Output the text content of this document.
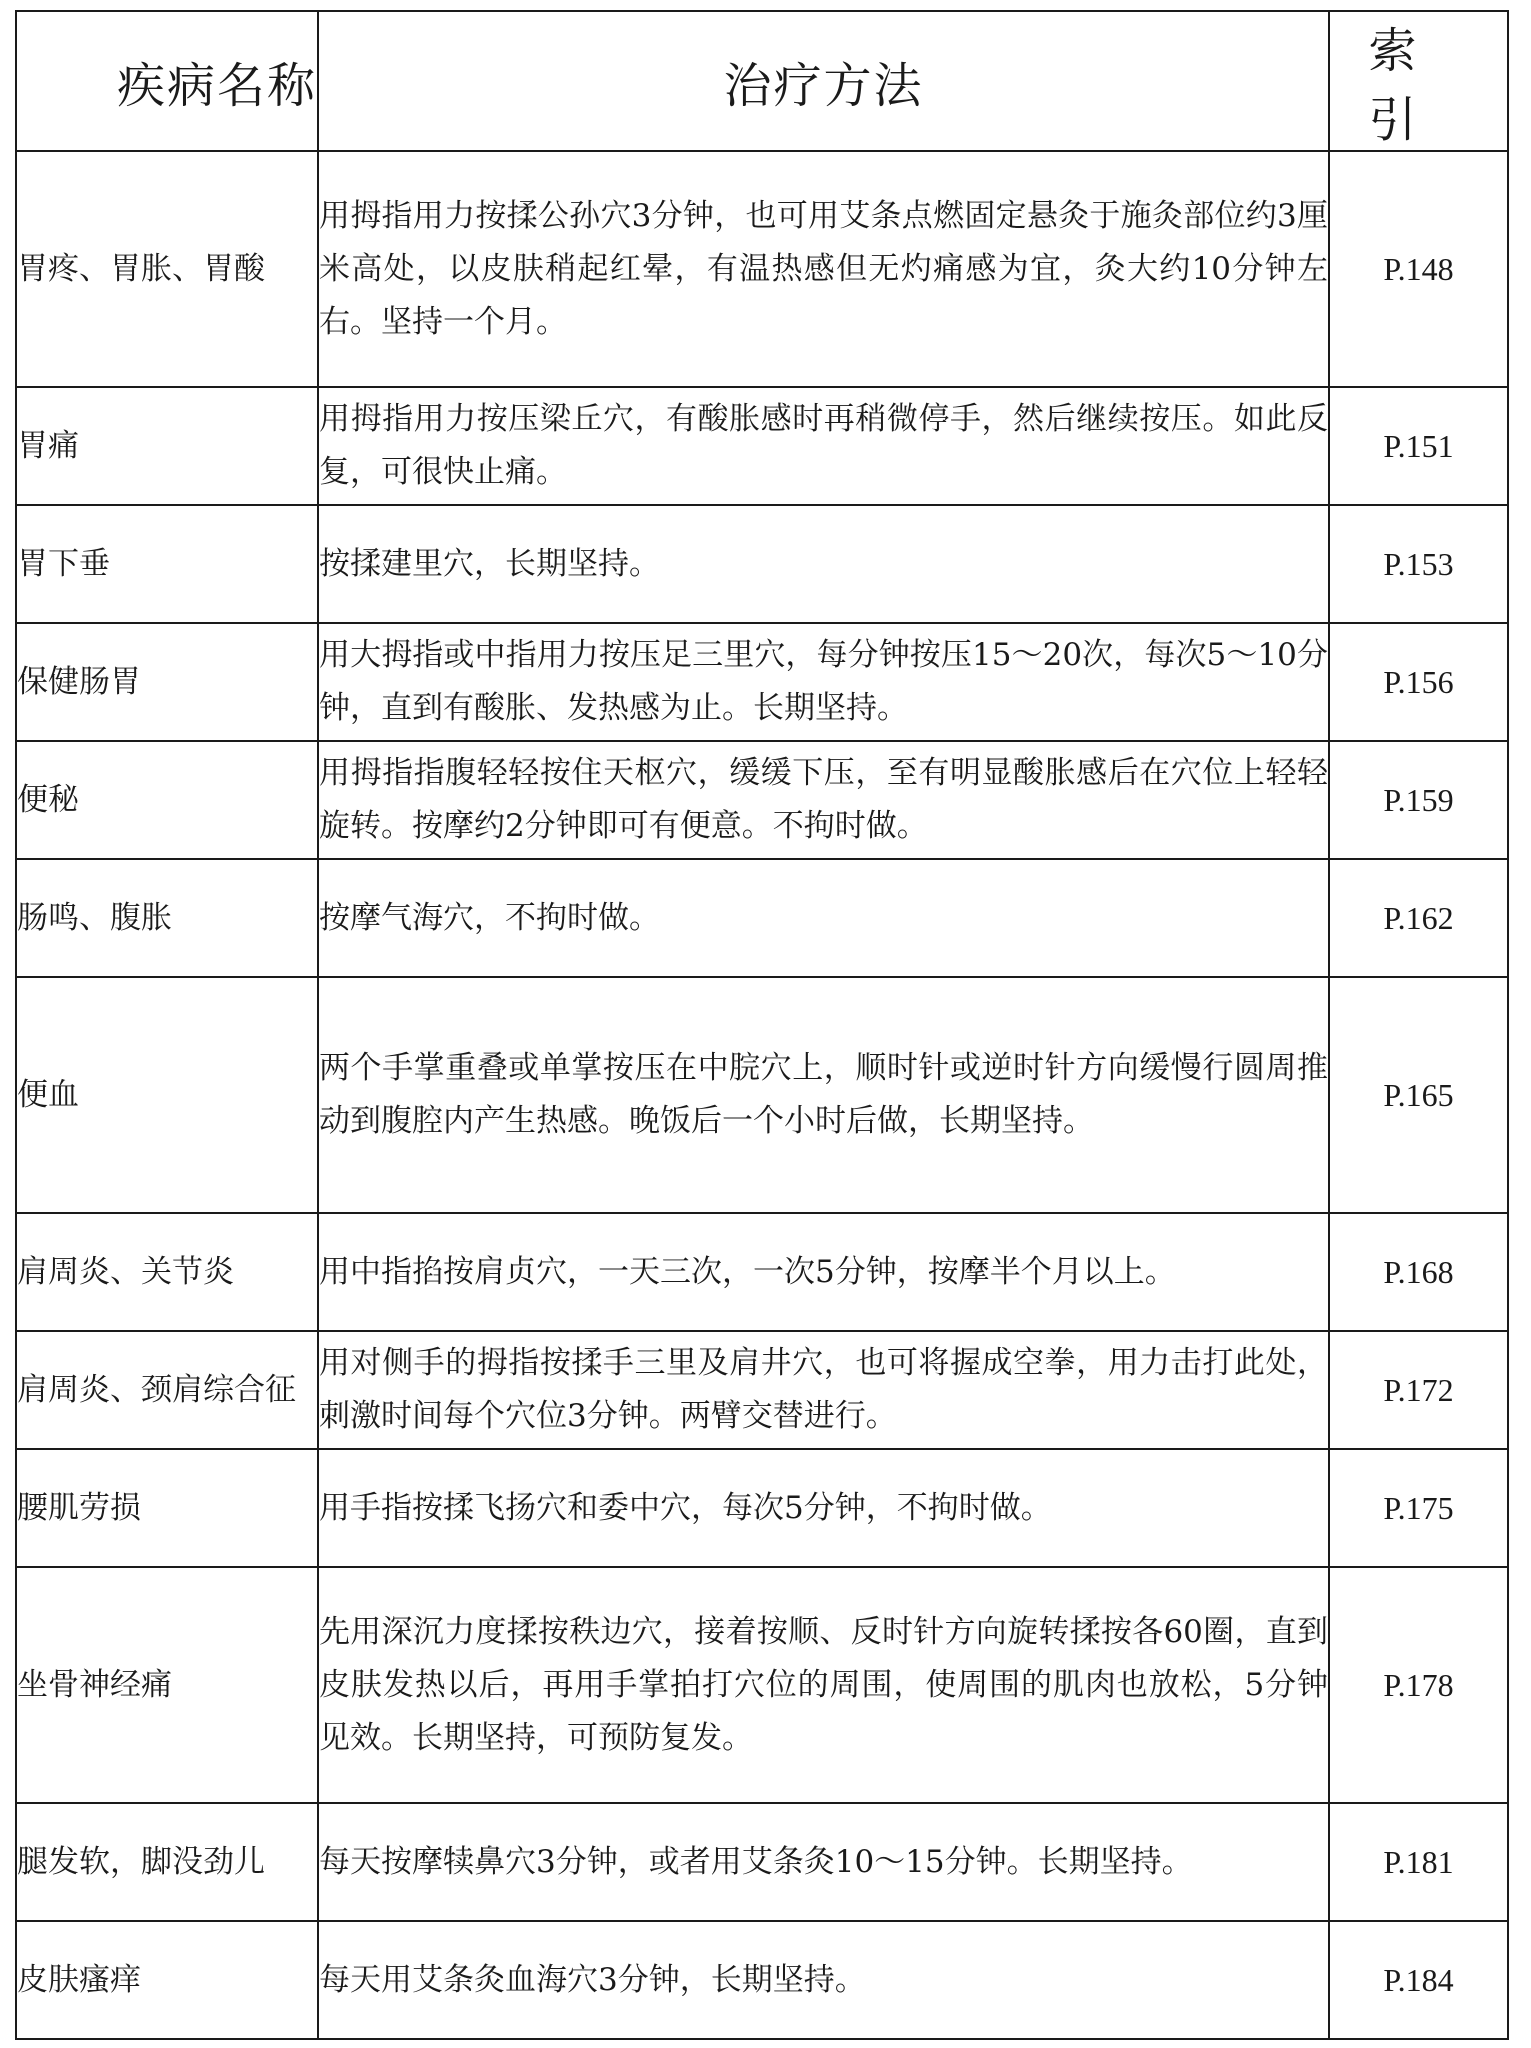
疾病名称	治疗方法	索引
胃疼、胃胀、胃酸	用拇指用力按揉公孙穴3分钟，也可用艾条点燃固定悬灸于施灸部位约3厘米高处，以皮肤稍起红晕，有温热感但无灼痛感为宜，灸大约10分钟左右。坚持一个月。	P.148
胃痛	用拇指用力按压梁丘穴，有酸胀感时再稍微停手，然后继续按压。如此反复，可很快止痛。	P.151
胃下垂	按揉建里穴，长期坚持。	P.153
保健肠胃	用大拇指或中指用力按压足三里穴，每分钟按压15～20次，每次5～10分钟，直到有酸胀、发热感为止。长期坚持。	P.156
便秘	用拇指指腹轻轻按住天枢穴，缓缓下压，至有明显酸胀感后在穴位上轻轻旋转。按摩约2分钟即可有便意。不拘时做。	P.159
肠鸣、腹胀	按摩气海穴，不拘时做。	P.162
便血	两个手掌重叠或单掌按压在中脘穴上，顺时针或逆时针方向缓慢行圆周推动到腹腔内产生热感。晚饭后一个小时后做，长期坚持。	P.165
肩周炎、关节炎	用中指掐按肩贞穴，一天三次，一次5分钟，按摩半个月以上。	P.168
肩周炎、颈肩综合征	用对侧手的拇指按揉手三里及肩井穴，也可将握成空拳，用力击打此处，刺激时间每个穴位3分钟。两臂交替进行。	P.172
腰肌劳损	用手指按揉飞扬穴和委中穴，每次5分钟，不拘时做。	P.175
坐骨神经痛	先用深沉力度揉按秩边穴，接着按顺、反时针方向旋转揉按各60圈，直到皮肤发热以后，再用手掌拍打穴位的周围，使周围的肌肉也放松，5分钟见效。长期坚持，可预防复发。	P.178
腿发软，脚没劲儿	每天按摩犊鼻穴3分钟，或者用艾条灸10～15分钟。长期坚持。	P.181
皮肤瘙痒	每天用艾条灸血海穴3分钟，长期坚持。	P.184
